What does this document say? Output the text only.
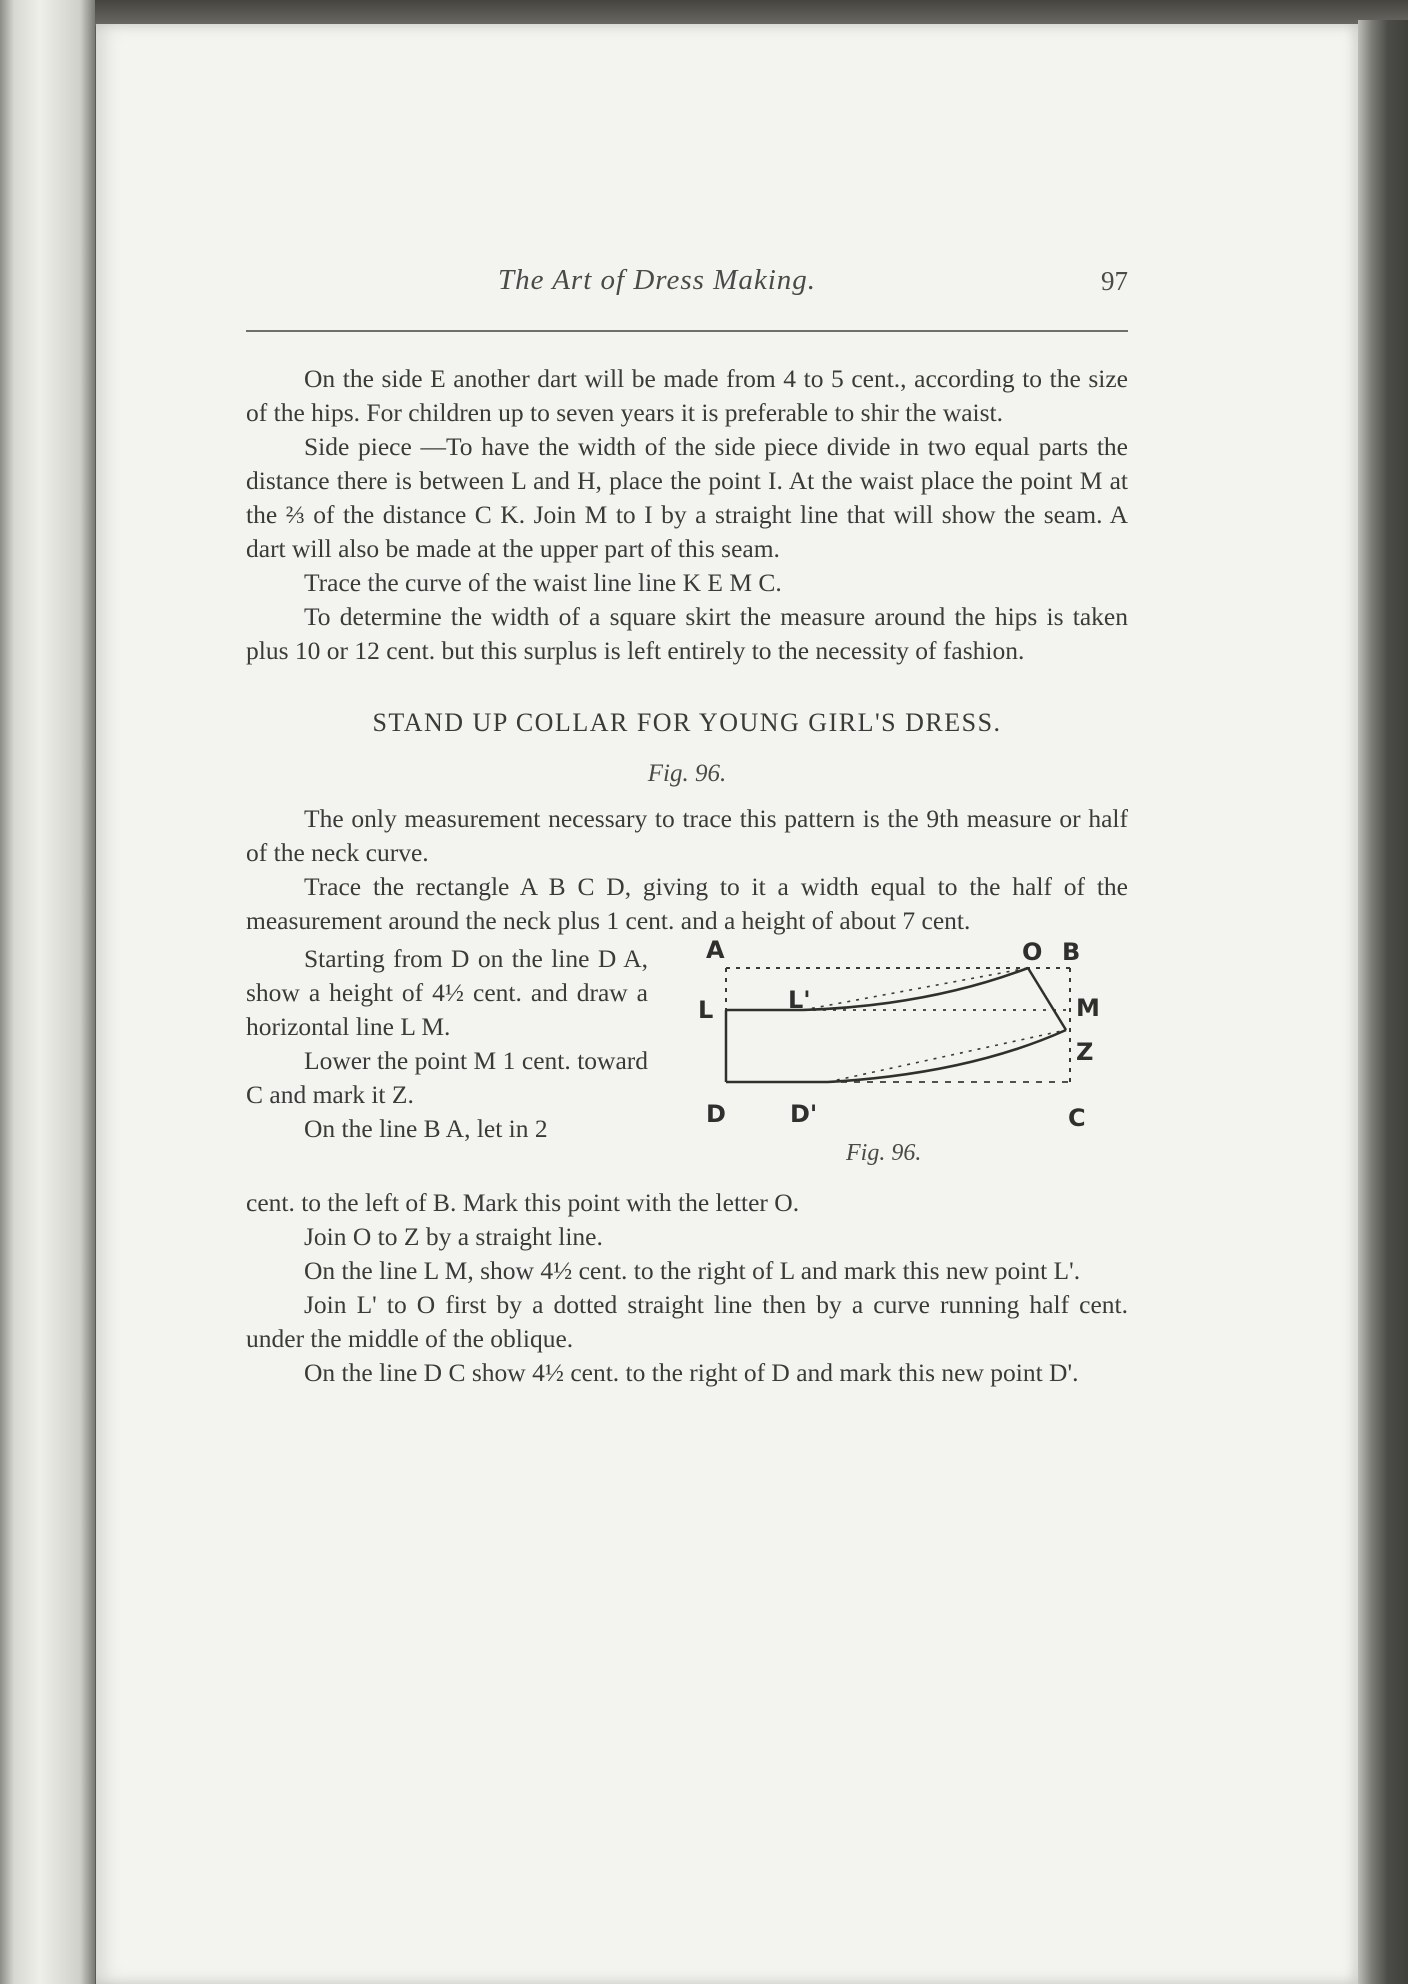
The Art of Dress Making.	97

On the side E another dart will be made from 4 to 5 cent., according to the size of the hips. For children up to seven years it is preferable to shir the waist.

Side piece —To have the width of the side piece divide in two equal parts the distance there is between L and H, place the point I. At the waist place the point M at the ⅔ of the distance C K. Join M to I by a straight line that will show the seam. A dart will also be made at the upper part of this seam.

Trace the curve of the waist line line K E M C.

To determine the width of a square skirt the measure around the hips is taken plus 10 or 12 cent. but this surplus is left entirely to the necessity of fashion.

STAND UP COLLAR FOR YOUNG GIRL'S DRESS.
Fig. 96.

The only measurement necessary to trace this pattern is the 9th measure or half of the neck curve.

Trace the rectangle A B C D, giving to it a width equal to the half of the measurement around the neck plus 1 cent. and a height of about 7 cent.

Starting from D on the line D A, show a height of 4½ cent. and draw a horizontal line L M.

Lower the point M 1 cent. toward C and mark it Z.

On the line B A, let in 2

A	O B
L	L'	M
Z
D	D'	C
Fig. 96.

cent. to the left of B. Mark this point with the letter O.

Join O to Z by a straight line.

On the line L M, show 4½ cent. to the right of L and mark this new point L'.

Join L' to O first by a dotted straight line then by a curve running half cent. under the middle of the oblique.

On the line D C show 4½ cent. to the right of D and mark this new point D'.
